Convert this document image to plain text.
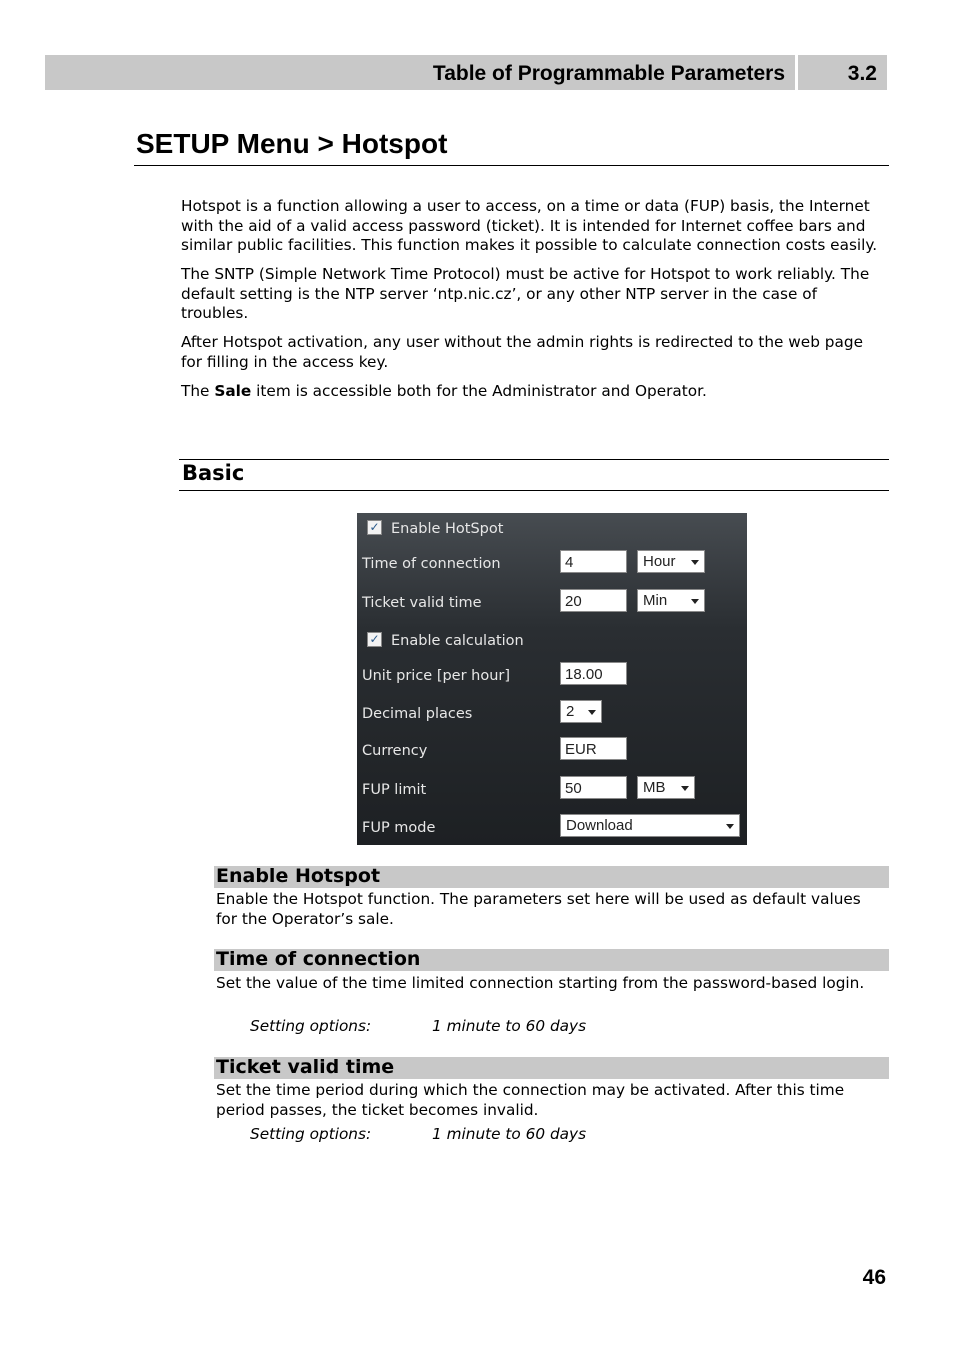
Table of Programmable Parameters	3.2
SETUP Menu > Hotspot

Hotspot is a function allowing a user to access, on a time or data (FUP) basis, the Internet with the aid of a valid access password (ticket). It is intended for Internet coffee bars and similar public facilities. This function makes it possible to calculate connection costs easily.

The SNTP (Simple Network Time Protocol) must be active for Hotspot to work reliably. The default setting is the NTP server ‘ntp.nic.cz’, or any other NTP server in the case of troubles.

After Hotspot activation, any user without the admin rights is redirected to the web page for filling in the access key.

The Sale item is accessible both for the Administrator and Operator.

Basic
✓ Enable HotSpot
Time of connection	4	Hour
Ticket valid time	20	Min
✓ Enable calculation
Unit price [per hour]	18.00
Decimal places	2
Currency	EUR
FUP limit	50	MB
FUP mode	Download
Enable Hotspot
Enable the Hotspot function. The parameters set here will be used as default values for the Operator’s sale.
Time of connection
Set the value of the time limited connection starting from the password-based login.
Setting options:	1 minute to 60 days
Ticket valid time
Set the time period during which the connection may be activated. After this time period passes, the ticket becomes invalid.
Setting options:	1 minute to 60 days
46
